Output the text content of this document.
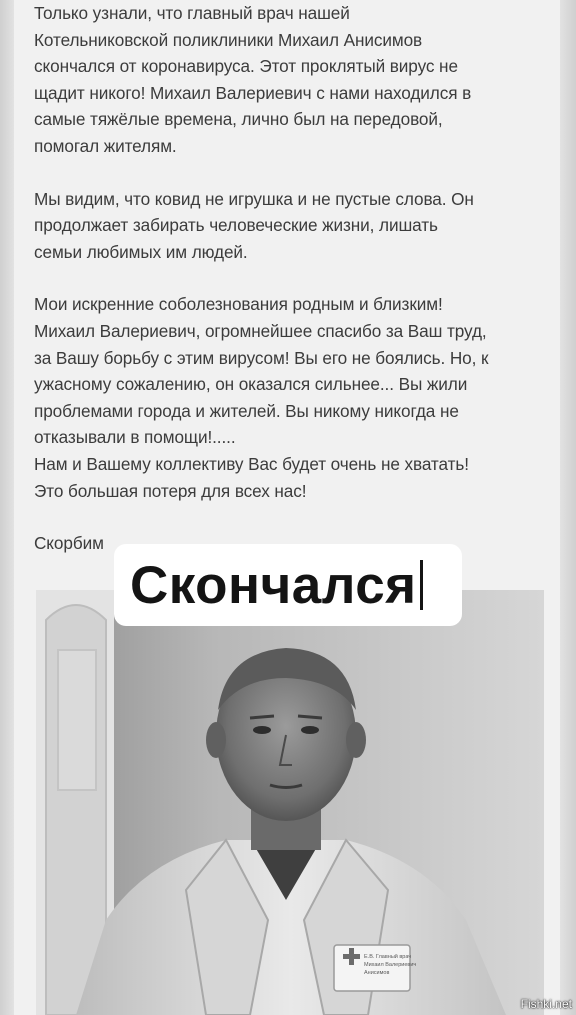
Только узнали, что главный врач нашей

Котельниковской поликлиники Михаил Анисимов

скончался от коронавируса. Этот проклятый вирус не

щадит никого! Михаил Валериевич с нами находился в

самые тяжёлые времена, лично был на передовой,

помогал жителям.

Мы видим, что ковид не игрушка и не пустые слова. Он

продолжает забирать человеческие жизни, лишать

семьи любимых им людей.

Мои искренние соболезнования родным и близким!

Михаил Валериевич, огромнейшее спасибо за Ваш труд,

за Вашу борьбу с этим вирусом! Вы его не боялись. Но, к

ужасному сожалению, он оказался сильнее... Вы жили

проблемами города и жителей. Вы никому никогда не

отказывали в помощи!.....

Нам и Вашему коллективу Вас будет очень не хватать!

Это большая потеря для всех нас!

Скорбим

Е.В. Главный врач
Михаил Валериевич
Анисимов
Скончался
Fishki.net
